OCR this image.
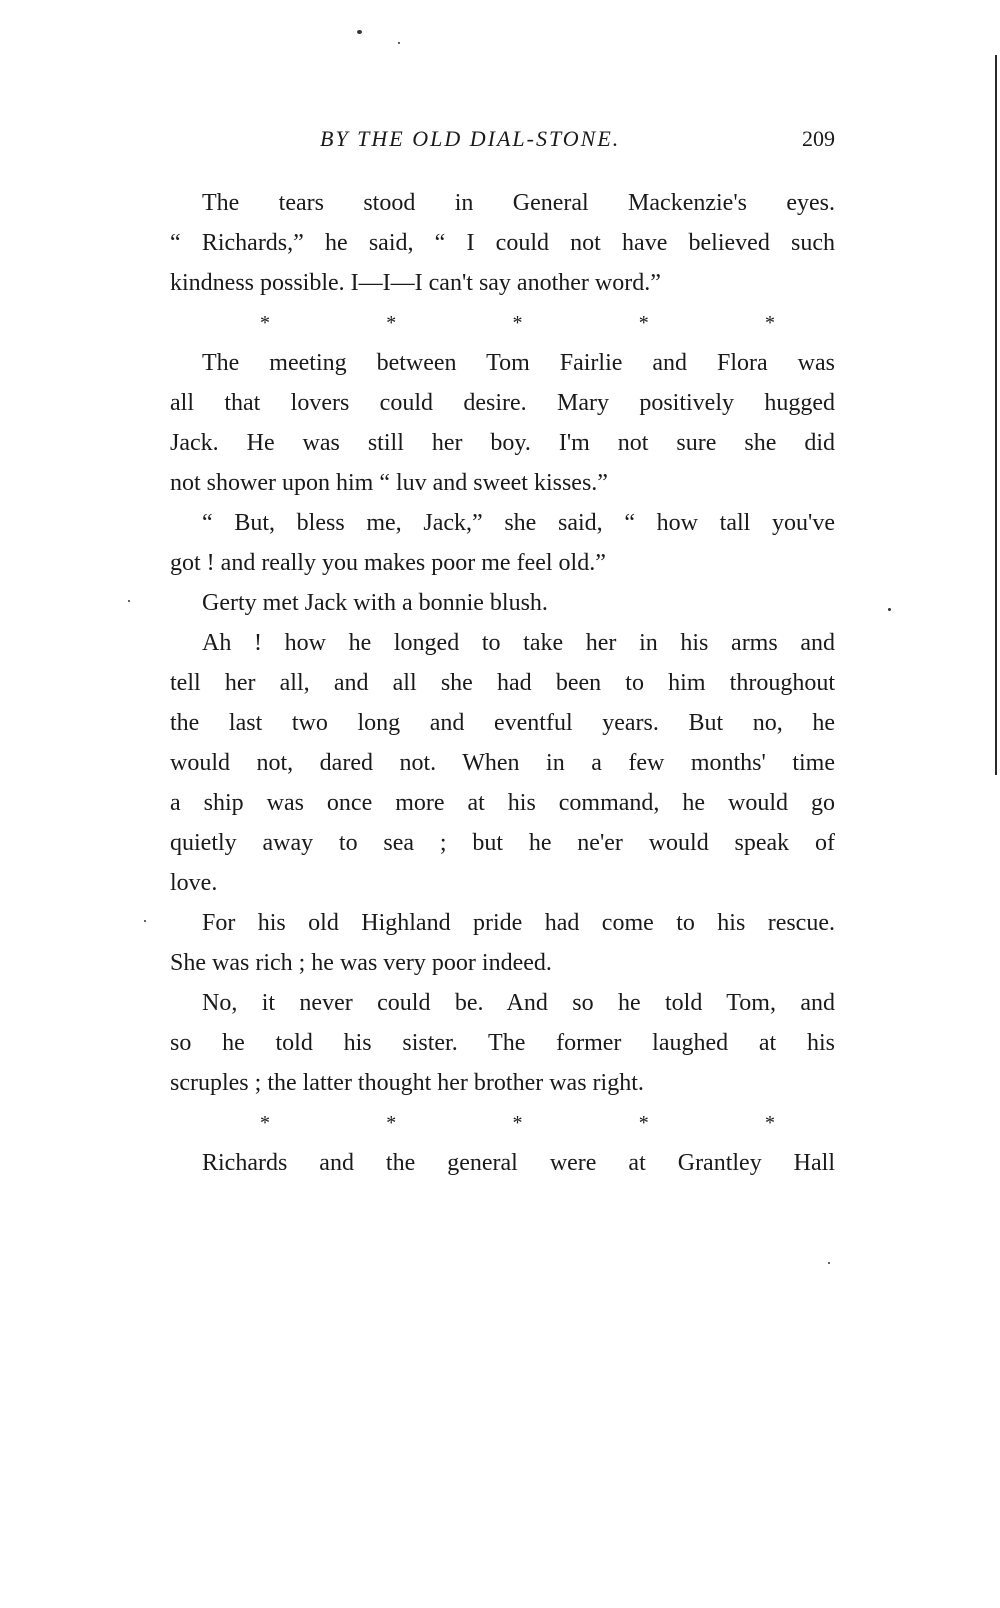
BY THE OLD DIAL-STONE.	209
The tears stood in General Mackenzie's eyes.
“ Richards,” he said, “ I could not have believed such
kindness possible. I—I—I can't say another word.”
*	*	*	*	*
The meeting between Tom Fairlie and Flora was
all that lovers could desire. Mary positively hugged
Jack. He was still her boy. I'm not sure she did
not shower upon him “ luv and sweet kisses.”
“ But, bless me, Jack,” she said, “ how tall you've
got ! and really you makes poor me feel old.”
Gerty met Jack with a bonnie blush.
Ah ! how he longed to take her in his arms and
tell her all, and all she had been to him throughout
the last two long and eventful years. But no, he
would not, dared not. When in a few months' time
a ship was once more at his command, he would go
quietly away to sea ; but he ne'er would speak of
love.
For his old Highland pride had come to his rescue.
She was rich ; he was very poor indeed.
No, it never could be. And so he told Tom, and
so he told his sister. The former laughed at his
scruples ; the latter thought her brother was right.
*	*	*	*	*
Richards and the general were at Grantley Hall
